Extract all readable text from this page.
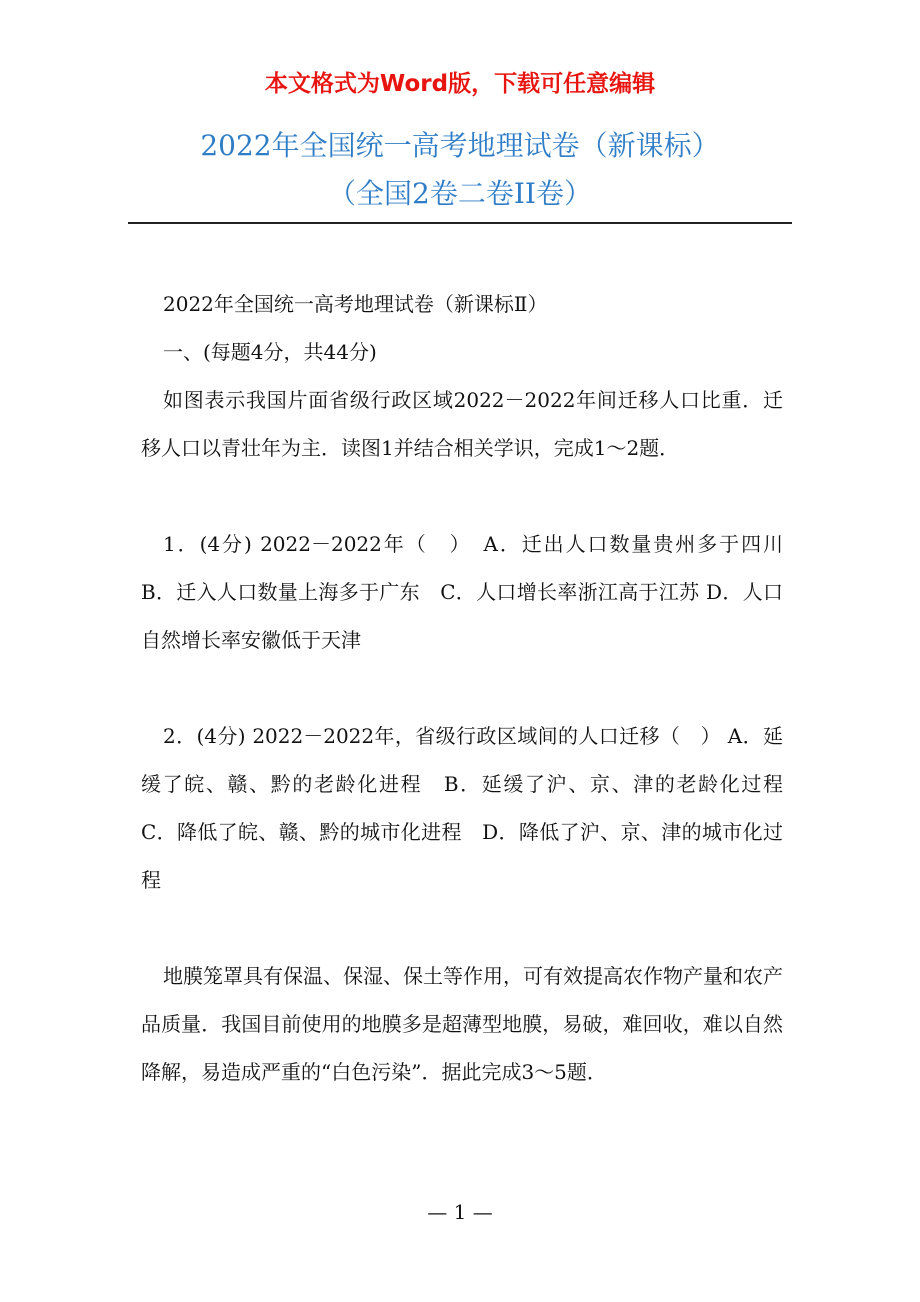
本文格式为Word版，下载可任意编辑
2022年全国统一高考地理试卷（新课标）
（全国2卷二卷II卷）

2022年全国统一高考地理试卷（新课标Ⅱ）

一、(每题4分，共44分)

如图表示我国片面省级行政区域2022－2022年间迁移人口比重．迁移人口以青壮年为主．读图1并结合相关学识，完成1～2题．

1．(4分) 2022－2022年（　）　A．迁出人口数量贵州多于四川　B．迁入人口数量上海多于广东　C．人口增长率浙江高于江苏 D．人口自然增长率安徽低于天津

2．(4分) 2022－2022年，省级行政区域间的人口迁移（　） A．延缓了皖、赣、黔的老龄化进程　B．延缓了沪、京、津的老龄化过程　C．降低了皖、赣、黔的城市化进程　D．降低了沪、京、津的城市化过程

地膜笼罩具有保温、保湿、保土等作用，可有效提高农作物产量和农产品质量．我国目前使用的地膜多是超薄型地膜，易破，难回收，难以自然降解，易造成严重的“白色污染”．据此完成3～5题．

— 1 —
